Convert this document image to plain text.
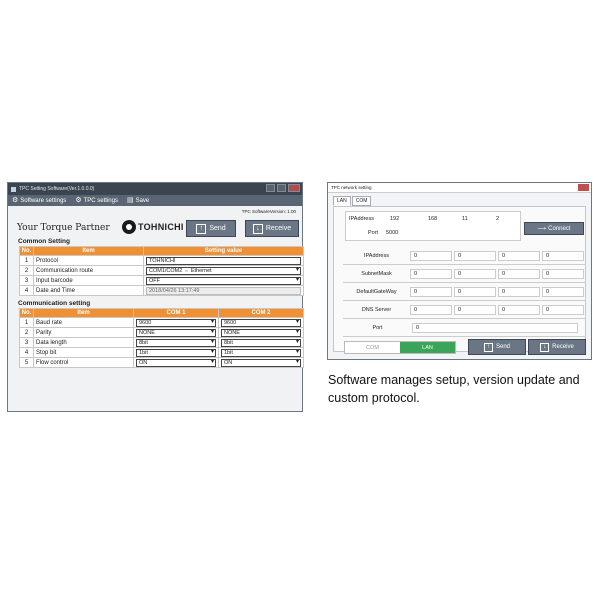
TPC Setting Software(Ver.1.0.0.0)
⚙ Software settings ⚙ TPC settings ▤ Save
TPC SoftwareVersion: 1.00
Your Torque Partner	TOHNICHI	↑ Send	↓ Receive
Common Setting
No.	Item	Setting value
1	Protocol	TOHNICHI

2	Communication route	COM1/COM2 ⇔ Ethernet ▾

3	Input barcode	OFF ▾

4	Date and Time	2018/04/26 13:17:49
Communication setting
No.	Item	COM 1	COM 2
1	Baud rate	9600 ▾	9600 ▾

2	Parity	NONE ▾	NONE ▾

3	Data length	8bit ▾	8bit ▾

4	Stop bit	1bit ▾	1bit ▾

5	Flow control	ON ▾	ON ▾
TPC network setting
LAN	COM
IPAddress	192	168	11	2
Port 5000
⟶ Connect
IPAddress	0	0	0	0
SubnetMask	0	0	0	0
DefaultGateWay	0	0	0	0
DNS Server	0	0	0	0
Port	0
COM	LAN	↑	Send	↓	Receive
Software manages setup, version update and custom protocol.
